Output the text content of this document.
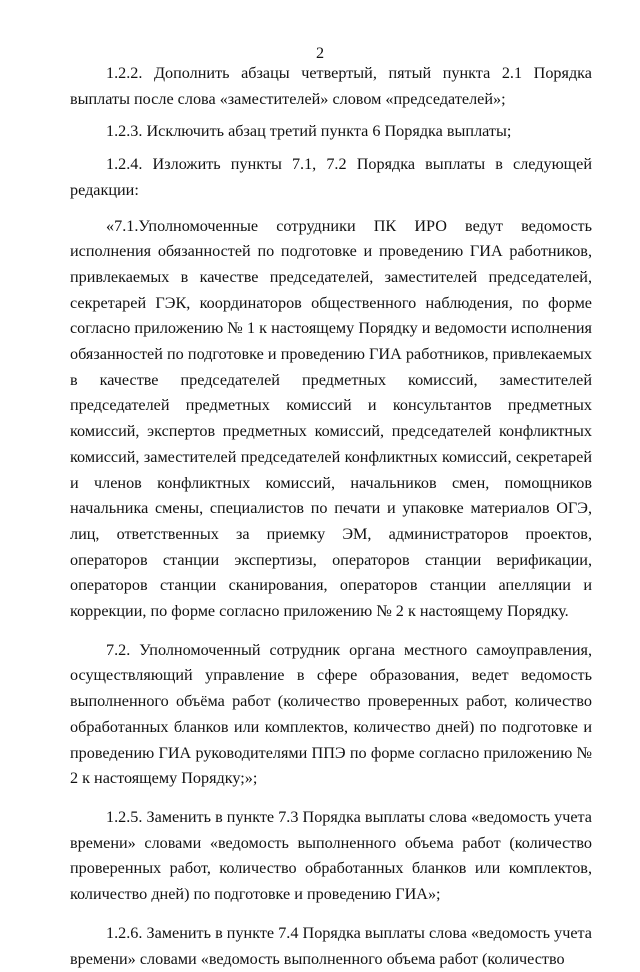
2

1.2.2. Дополнить абзацы четвертый, пятый пункта 2.1 Порядка выплаты после слова «заместителей» словом «председателей»;

1.2.3. Исключить абзац третий пункта 6 Порядка выплаты;

1.2.4. Изложить пункты 7.1, 7.2 Порядка выплаты в следующей редакции:

«7.1.Уполномоченные сотрудники ПК ИРО ведут ведомость исполнения обязанностей по подготовке и проведению ГИА работников, привлекаемых в качестве председателей, заместителей председателей, секретарей ГЭК, координаторов общественного наблюдения, по форме согласно приложению № 1 к настоящему Порядку и ведомости исполнения обязанностей по подготовке и проведению ГИА работников, привлекаемых в качестве председателей предметных комиссий, заместителей председателей предметных комиссий и консультантов предметных комиссий, экспертов предметных комиссий, председателей конфликтных комиссий, заместителей председателей конфликтных комиссий, секретарей и членов конфликтных комиссий, начальников смен, помощников начальника смены, специалистов по печати и упаковке материалов ОГЭ, лиц, ответственных за приемку ЭМ, администраторов проектов, операторов станции экспертизы, операторов станции верификации, операторов станции сканирования, операторов станции апелляции и коррекции, по форме согласно приложению № 2 к настоящему Порядку.

7.2. Уполномоченный сотрудник органа местного самоуправления, осуществляющий управление в сфере образования, ведет ведомость выполненного объёма работ (количество проверенных работ, количество обработанных бланков или комплектов, количество дней) по подготовке и проведению ГИА руководителями ППЭ по форме согласно приложению № 2 к настоящему Порядку;»;

1.2.5. Заменить в пункте 7.3 Порядка выплаты слова «ведомость учета времени» словами «ведомость выполненного объема работ (количество проверенных работ, количество обработанных бланков или комплектов, количество дней) по подготовке и проведению ГИА»;

1.2.6. Заменить в пункте 7.4 Порядка выплаты слова «ведомость учета времени» словами «ведомость выполненного объема работ (количество
